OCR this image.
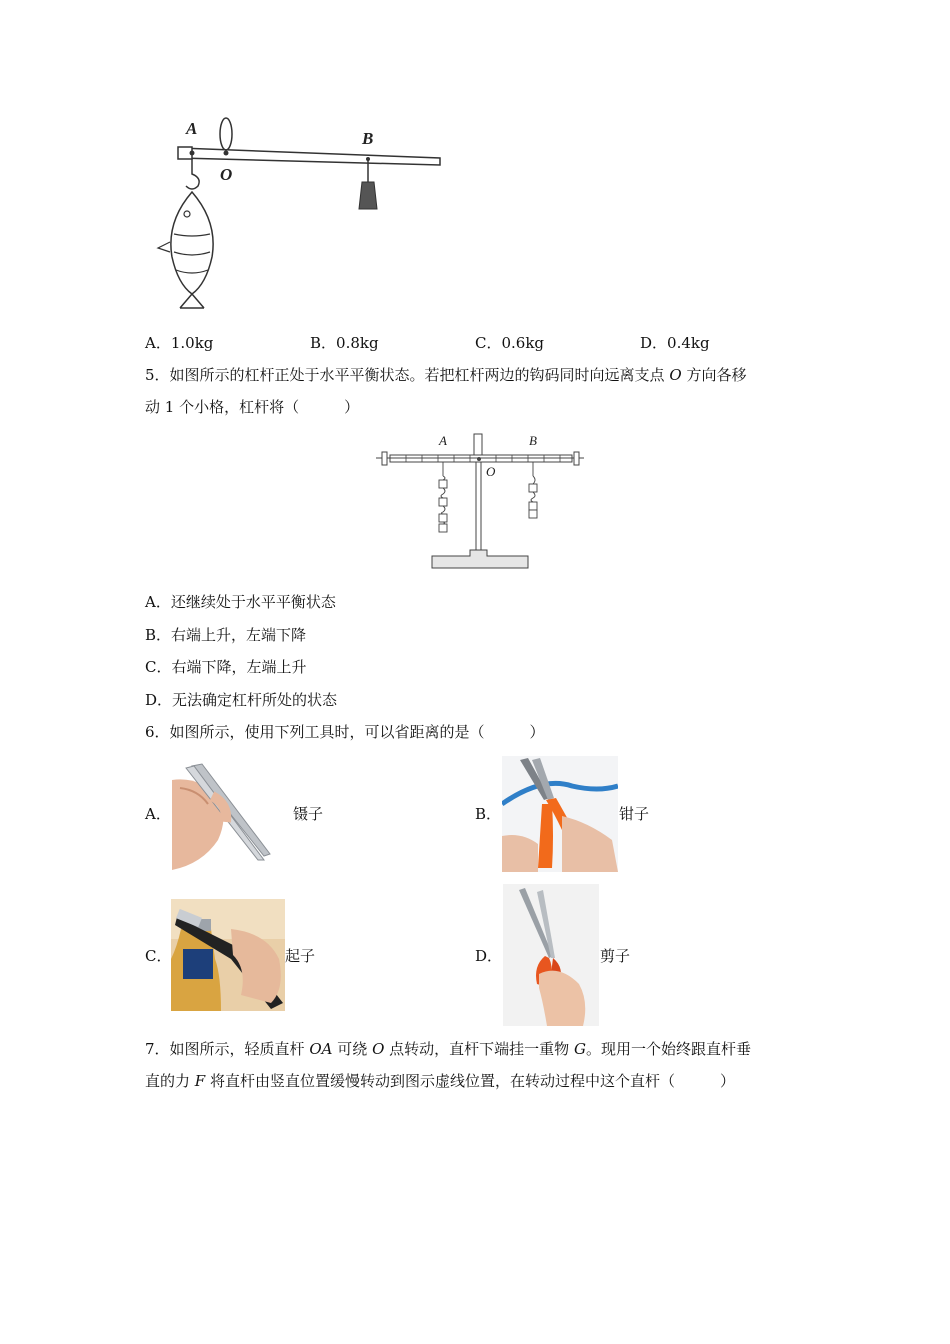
A
O
B
A．1.0kg	B．0.8kg	C．0.6kg	D．0.4kg
5．如图所示的杠杆正处于水平平衡状态。若把杠杆两边的钩码同时向远离支点 O 方向各移
动 1 个小格，杠杆将（　　　）
A	B
O
A．还继续处于水平平衡状态
B．右端上升，左端下降
C．右端下降，左端上升
D．无法确定杠杆所处的状态
6．如图所示，使用下列工具时，可以省距离的是（　　　）
A．	镊子	B．	钳子
C．	起子	D．	剪子
7．如图所示，轻质直杆 OA 可绕 O 点转动，直杆下端挂一重物 G。现用一个始终跟直杆垂
直的力 F 将直杆由竖直位置缓慢转动到图示虚线位置，在转动过程中这个直杆（　　　）
